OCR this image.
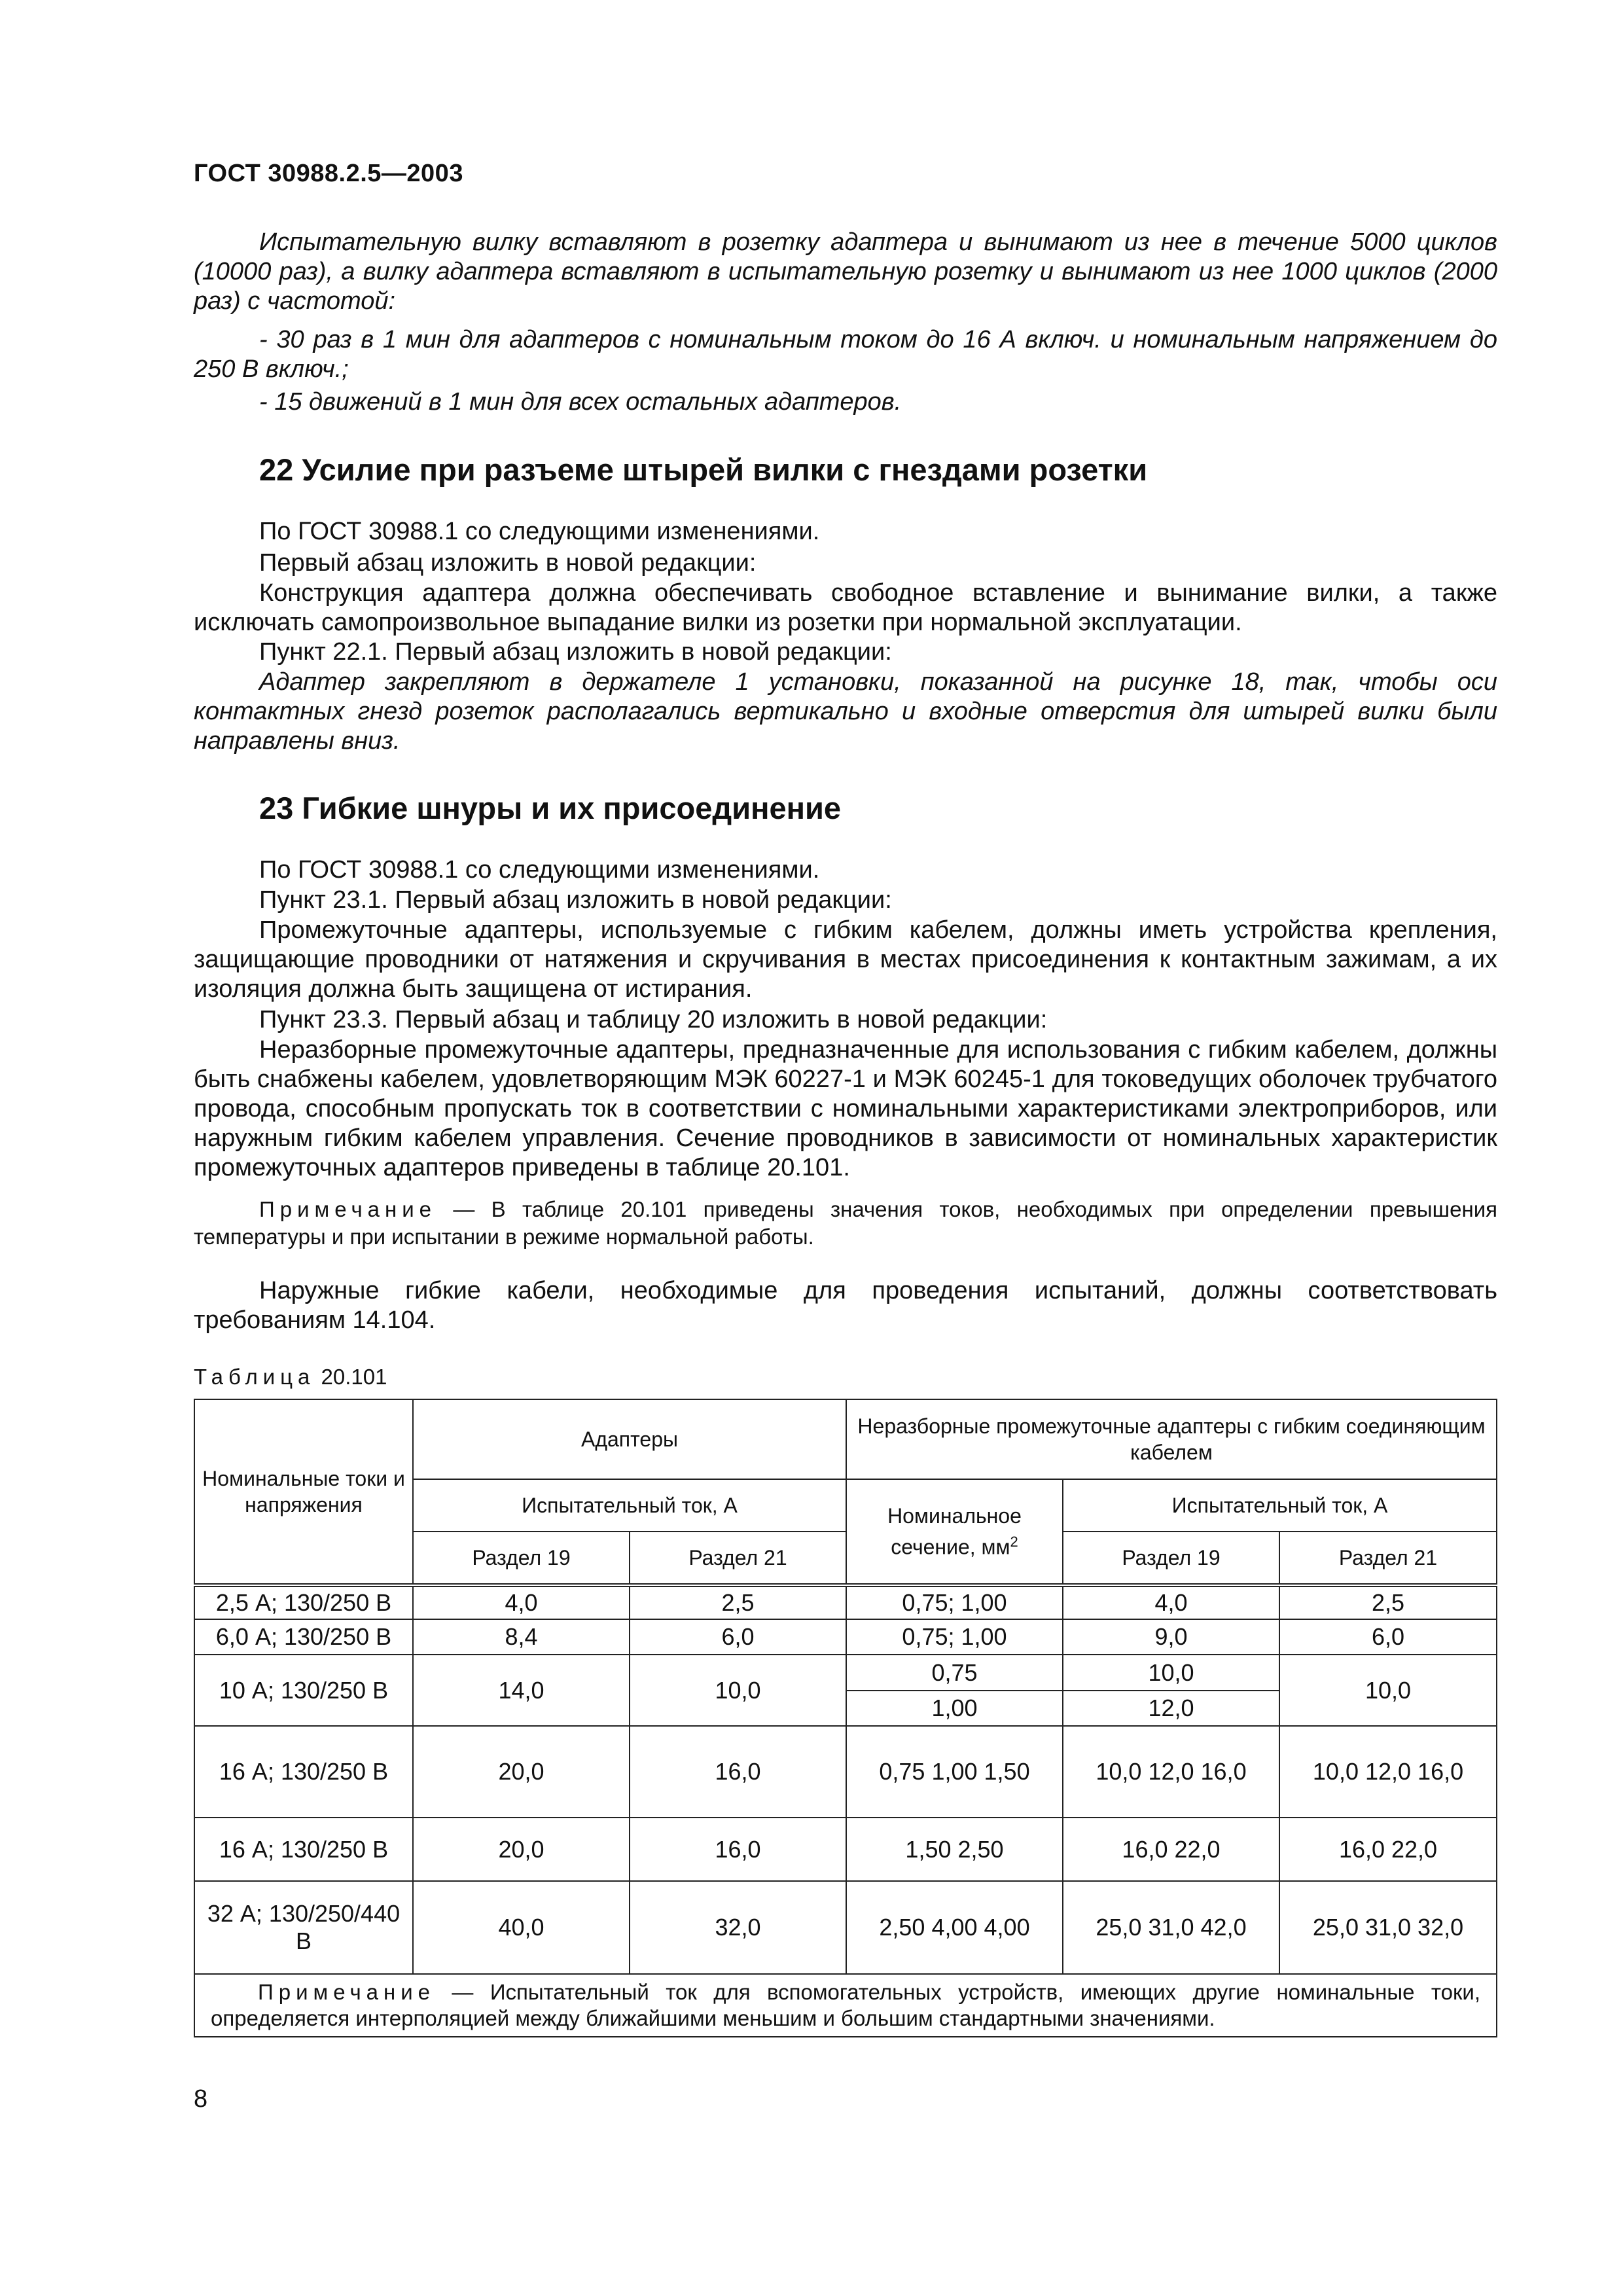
ГОСТ 30988.2.5—2003

Испытательную вилку вставляют в розетку адаптера и вынимают из нее в течение 5000 циклов (10000 раз), а вилку адаптера вставляют в испытательную розетку и вынимают из нее 1000 циклов (2000 раз) с частотой:

- 30 раз в 1 мин для адаптеров с номинальным током до 16 А включ. и номинальным напряжением до 250 В включ.;

- 15 движений в 1 мин для всех остальных адаптеров.

22 Усилие при разъеме штырей вилки с гнездами розетки

По ГОСТ 30988.1 со следующими изменениями.

Первый абзац изложить в новой редакции:

Конструкция адаптера должна обеспечивать свободное вставление и вынимание вилки, а также исключать самопроизвольное выпадание вилки из розетки при нормальной эксплуатации.

Пункт 22.1. Первый абзац изложить в новой редакции:

Адаптер закрепляют в держателе 1 установки, показанной на рисунке 18, так, чтобы оси контактных гнезд розеток располагались вертикально и входные отверстия для штырей вилки были направлены вниз.

23 Гибкие шнуры и их присоединение

По ГОСТ 30988.1 со следующими изменениями.

Пункт 23.1. Первый абзац изложить в новой редакции:

Промежуточные адаптеры, используемые с гибким кабелем, должны иметь устройства крепления, защищающие проводники от натяжения и скручивания в местах присоединения к контактным зажимам, а их изоляция должна быть защищена от истирания.

Пункт 23.3. Первый абзац и таблицу 20 изложить в новой редакции:

Неразборные промежуточные адаптеры, предназначенные для использования с гибким кабелем, должны быть снабжены кабелем, удовлетворяющим МЭК 60227-1 и МЭК 60245-1 для токоведущих оболочек трубчатого провода, способным пропускать ток в соответствии с номинальными характеристиками электроприборов, или наружным гибким кабелем управления. Сечение проводников в зависимости от номинальных характеристик промежуточных адаптеров приведены в таблице 20.101.

Примечание — В таблице 20.101 приведены значения токов, необходимых при определении превышения температуры и при испытании в режиме нормальной работы.

Наружные гибкие кабели, необходимые для проведения испытаний, должны соответствовать требованиям 14.104.

Таблица 20.101
Номинальные токи и напряжения	Адаптеры		Неразборные промежуточные адаптеры с гибким соединяющим кабелем		
	Испытательный ток, А		Номинальное сечение, $мм^2$	Испытательный ток, А	
	Раздел 19	Раздел 21		Раздел 19	Раздел 21
2,5 А; 130/250 В	4,0	2,5	0,75; 1,00	4,0	2,5
6,0 А; 130/250 В	8,4	6,0	0,75; 1,00	9,0	6,0
10 А; 130/250 В	14,0	10,0	0,75	10,0	10,0
			1,00	12,0	
16 А; 130/250 В	20,0	16,0	0,75 1,00 1,50	10,0 12,0 16,0	10,0 12,0 16,0
16 А; 130/250 В	20,0	16,0	1,50 2,50	16,0 22,0	16,0 22,0
32 А; 130/250/440 В	40,0	32,0	2,50 4,00 4,00	25,0 31,0 42,0	25,0 31,0 32,0
Примечание — Испытательный ток для вспомогательных устройств, имеющих другие номинальные токи, определяется интерполяцией между ближайшими меньшим и большим стандартными значениями.					
8
